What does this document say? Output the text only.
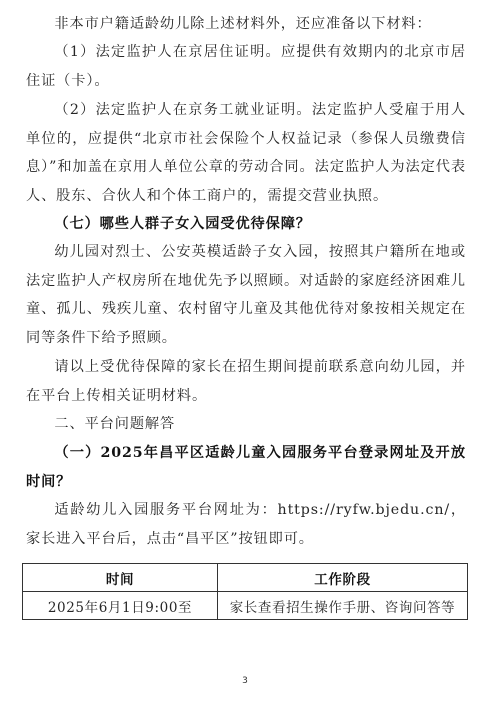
非本市户籍适龄幼儿除上述材料外，还应准备以下材料：

（1）法定监护人在京居住证明。应提供有效期内的北京市居住证（卡）。

（2）法定监护人在京务工就业证明。法定监护人受雇于用人单位的，应提供“北京市社会保险个人权益记录（参保人员缴费信息）”和加盖在京用人单位公章的劳动合同。法定监护人为法定代表人、股东、合伙人和个体工商户的，需提交营业执照。

（七）哪些人群子女入园受优待保障？

幼儿园对烈士、公安英模适龄子女入园，按照其户籍所在地或法定监护人产权房所在地优先予以照顾。对适龄的家庭经济困难儿童、孤儿、残疾儿童、农村留守儿童及其他优待对象按相关规定在同等条件下给予照顾。

请以上受优待保障的家长在招生期间提前联系意向幼儿园，并在平台上传相关证明材料。

二、平台问题解答

（一）2025年昌平区适龄儿童入园服务平台登录网址及开放时间？

适龄幼儿入园服务平台网址为：https://ryfw.bjedu.cn/，家长进入平台后，点击“昌平区”按钮即可。

时间	工作阶段
2025年6月1日9:00至	家长查看招生操作手册、咨询问答等
3
